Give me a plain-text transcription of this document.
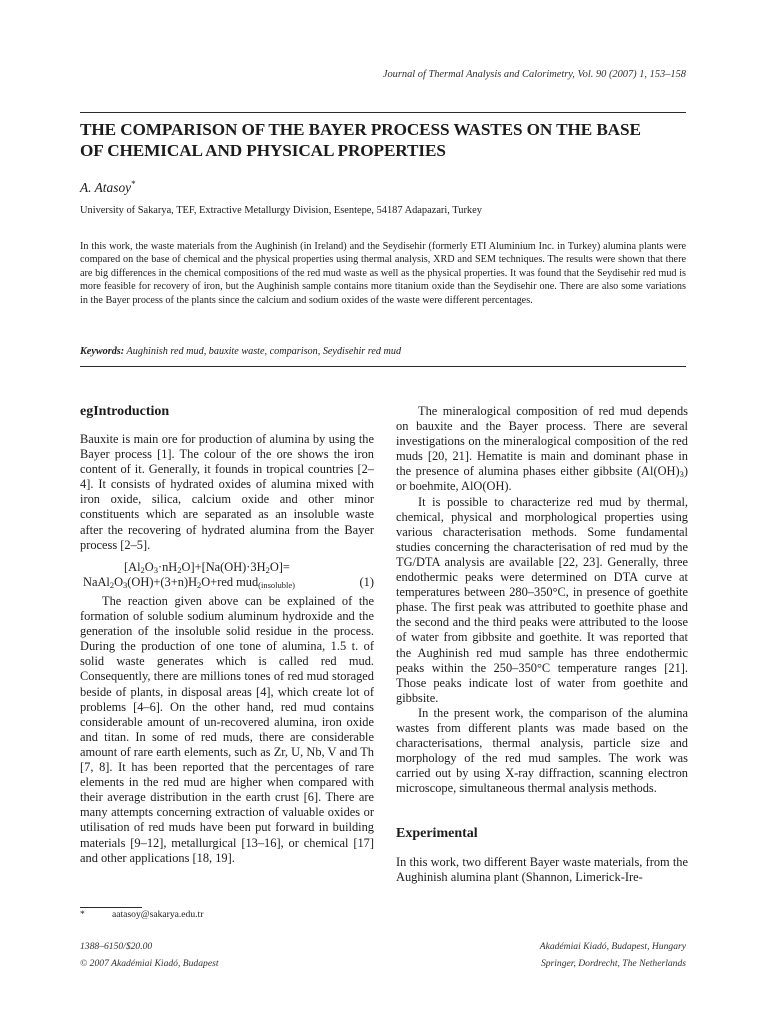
Journal of Thermal Analysis and Calorimetry, Vol. 90 (2007) 1, 153–158
THE COMPARISON OF THE BAYER PROCESS WASTES ON THE BASE
OF CHEMICAL AND PHYSICAL PROPERTIES
A. Atasoy*
University of Sakarya, TEF, Extractive Metallurgy Division, Esentepe, 54187 Adapazari, Turkey
In this work, the waste materials from the Aughinish (in Ireland) and the Seydisehir (formerly ETI Aluminium Inc. in Turkey) alumina plants were compared on the base of chemical and the physical properties using thermal analysis, XRD and SEM techniques. The results were shown that there are big differences in the chemical compositions of the red mud waste as well as the physical properties. It was found that the Seydisehir red mud is more feasible for recovery of iron, but the Aughinish sample contains more titanium oxide than the Seydisehir one. There are also some variations in the Bayer process of the plants since the calcium and sodium oxides of the waste were different percentages.
Keywords: Aughinish red mud, bauxite waste, comparison, Seydisehir red mud
egIntroduction

Bauxite is main ore for production of alumina by using the Bayer process [1]. The colour of the ore shows the iron content of it. Generally, it founds in tropical countries [2–4]. It consists of hydrated oxides of alumina mixed with iron oxide, silica, calcium oxide and other minor constituents which are separated as an insoluble waste after the recovering of hydrated alumina from the Bayer process [2–5].

$[Al_2O_3\cdot nH_2O]+[Na(OH)\cdot 3H_2O]=$
$NaAl_2O_3(OH)+(3+n)H_2O+red$ mud$_{(insoluble)}$	(1)

The reaction given above can be explained of the formation of soluble sodium aluminum hydroxide and the generation of the insoluble solid residue in the process. During the production of one tone of alumina, 1.5 t. of solid waste generates which is called red mud. Consequently, there are millions tones of red mud storaged beside of plants, in disposal areas [4], which create lot of problems [4–6]. On the other hand, red mud contains considerable amount of un-recovered alumina, iron oxide and titan. In some of red muds, there are considerable amount of rare earth elements, such as Zr, U, Nb, V and Th [7, 8]. It has been reported that the percentages of rare elements in the red mud are higher when compared with their average distribution in the earth crust [6]. There are many attempts concerning extraction of valuable oxides or utilisation of red muds have been put forward in building materials [9–12], metallurgical [13–16], or chemical [17] and other applications [18, 19].

The mineralogical composition of red mud depends on bauxite and the Bayer process. There are several investigations on the mineralogical composition of the red muds [20, 21]. Hematite is main and dominant phase in the presence of alumina phases either gibbsite $(Al(OH)_3)$ or boehmite, AlO(OH).

It is possible to characterize red mud by thermal, chemical, physical and morphological properties using various characterisation methods. Some fundamental studies concerning the characterisation of red mud by the TG/DTA analysis are available [22, 23]. Generally, three endothermic peaks were determined on DTA curve at temperatures between 280–350°C, in presence of goethite phase. The first peak was attributed to goethite phase and the second and the third peaks were attributed to the loose of water from gibbsite and goethite. It was reported that the Aughinish red mud sample has three endothermic peaks within the 250–350°C temperature ranges [21]. Those peaks indicate lost of water from goethite and gibbsite.

In the present work, the comparison of the alumina wastes from different plants was made based on the characterisations, thermal analysis, particle size and morphology of the red mud samples. The work was carried out by using X-ray diffraction, scanning electron microscope, simultaneous thermal analysis methods.

Experimental

In this work, two different Bayer waste materials, from the Aughinish alumina plant (Shannon, Limerick-Ire-

*	aatasoy@sakarya.edu.tr
1388–6150/$20.00
© 2007 Akadémiai Kiadó, Budapest
Akadémiai Kiadó, Budapest, Hungary
Springer, Dordrecht, The Netherlands
